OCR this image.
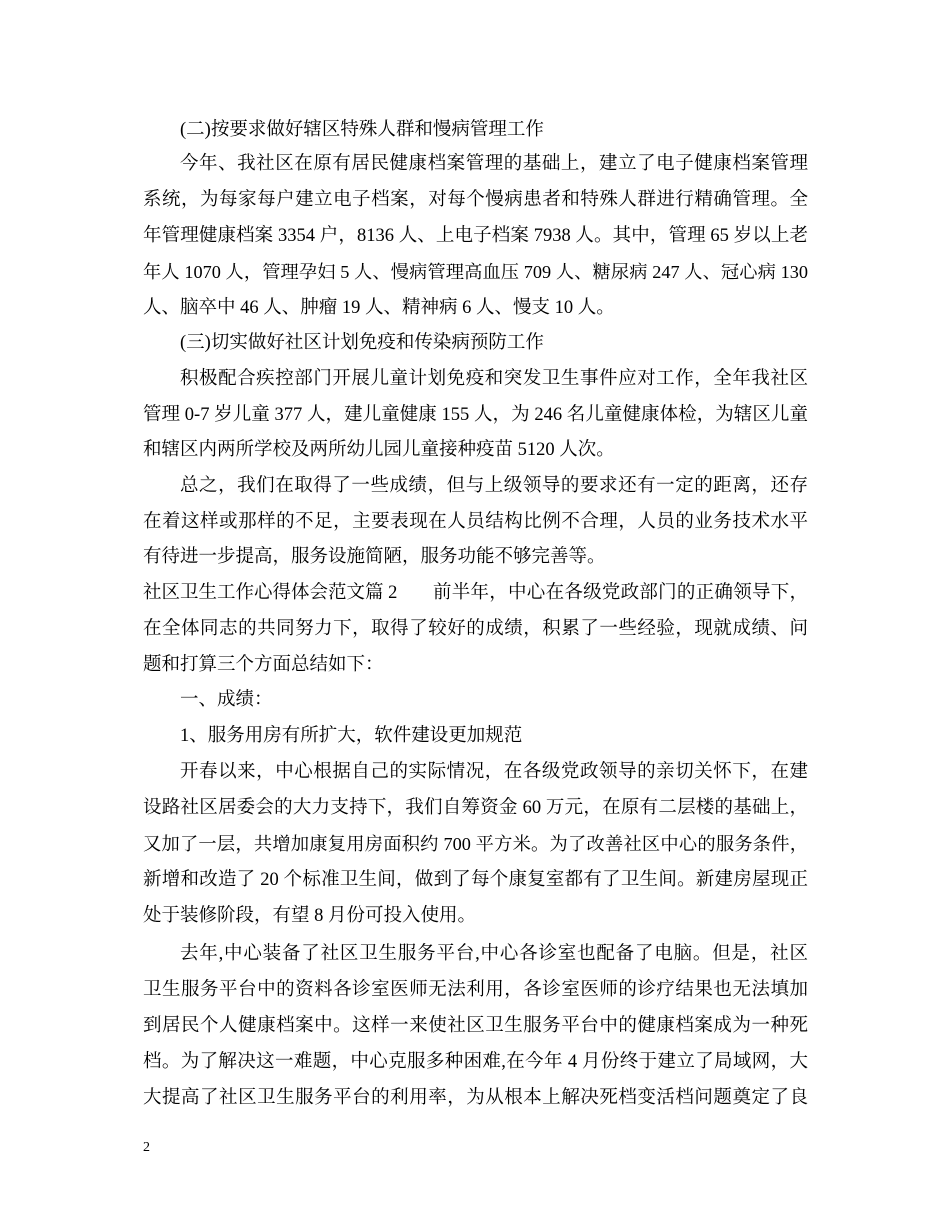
(二)按要求做好辖区特殊人群和慢病管理工作
今年、我社区在原有居民健康档案管理的基础上，建立了电子健康档案管理
系统，为每家每户建立电子档案，对每个慢病患者和特殊人群进行精确管理。全
年管理健康档案 3354 户，8136 人、上电子档案 7938 人。其中，管理 65 岁以上老
年人 1070 人，管理孕妇 5 人、慢病管理高血压 709 人、糖尿病 247 人、冠心病 130
人、脑卒中 46 人、肿瘤 19 人、精神病 6 人、慢支 10 人。
(三)切实做好社区计划免疫和传染病预防工作
积极配合疾控部门开展儿童计划免疫和突发卫生事件应对工作，全年我社区
管理 0-7 岁儿童 377 人，建儿童健康 155 人，为 246 名儿童健康体检，为辖区儿童
和辖区内两所学校及两所幼儿园儿童接种疫苗 5120 人次。
总之，我们在取得了一些成绩，但与上级领导的要求还有一定的距离，还存
在着这样或那样的不足，主要表现在人员结构比例不合理，人员的业务技术水平
有待进一步提高，服务设施简陋，服务功能不够完善等。
社区卫生工作心得体会范文篇 2	前半年，中心在各级党政部门的正确领导下，
在全体同志的共同努力下，取得了较好的成绩，积累了一些经验，现就成绩、问
题和打算三个方面总结如下：
一、成绩：
1、服务用房有所扩大，软件建设更加规范
开春以来，中心根据自己的实际情况，在各级党政领导的亲切关怀下，在建
设路社区居委会的大力支持下，我们自筹资金 60 万元，在原有二层楼的基础上，
又加了一层，共增加康复用房面积约 700 平方米。为了改善社区中心的服务条件，
新增和改造了 20 个标准卫生间，做到了每个康复室都有了卫生间。新建房屋现正
处于装修阶段，有望 8 月份可投入使用。
去年,中心装备了社区卫生服务平台,中心各诊室也配备了电脑。但是，社区
卫生服务平台中的资料各诊室医师无法利用，各诊室医师的诊疗结果也无法填加
到居民个人健康档案中。这样一来使社区卫生服务平台中的健康档案成为一种死
档。为了解决这一难题，中心克服多种困难,在今年 4 月份终于建立了局域网，大
大提高了社区卫生服务平台的利用率，为从根本上解决死档变活档问题奠定了良
2
